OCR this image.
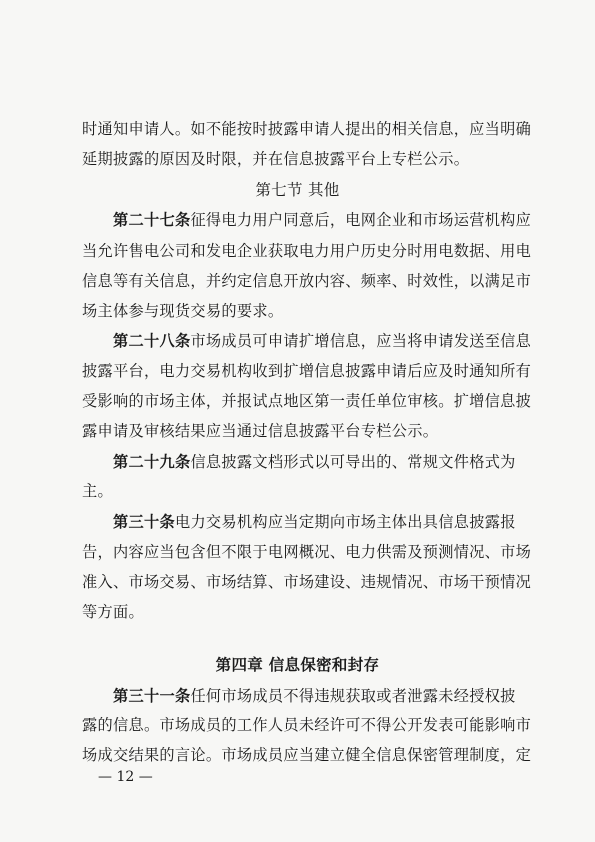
时通知申请人。如不能按时披露申请人提出的相关信息，应当明确
延期披露的原因及时限，并在信息披露平台上专栏公示。
第七节 其他
第二十七条征得电力用户同意后，电网企业和市场运营机构应
当允许售电公司和发电企业获取电力用户历史分时用电数据、用电
信息等有关信息，并约定信息开放内容、频率、时效性，以满足市
场主体参与现货交易的要求。
第二十八条市场成员可申请扩增信息，应当将申请发送至信息
披露平台，电力交易机构收到扩增信息披露申请后应及时通知所有
受影响的市场主体，并报试点地区第一责任单位审核。扩增信息披
露申请及审核结果应当通过信息披露平台专栏公示。
第二十九条信息披露文档形式以可导出的、常规文件格式为
主。
第三十条电力交易机构应当定期向市场主体出具信息披露报
告，内容应当包含但不限于电网概况、电力供需及预测情况、市场
准入、市场交易、市场结算、市场建设、违规情况、市场干预情况
等方面。
第四章 信息保密和封存
第三十一条任何市场成员不得违规获取或者泄露未经授权披
露的信息。市场成员的工作人员未经许可不得公开发表可能影响市
场成交结果的言论。市场成员应当建立健全信息保密管理制度，定
— 12 —
